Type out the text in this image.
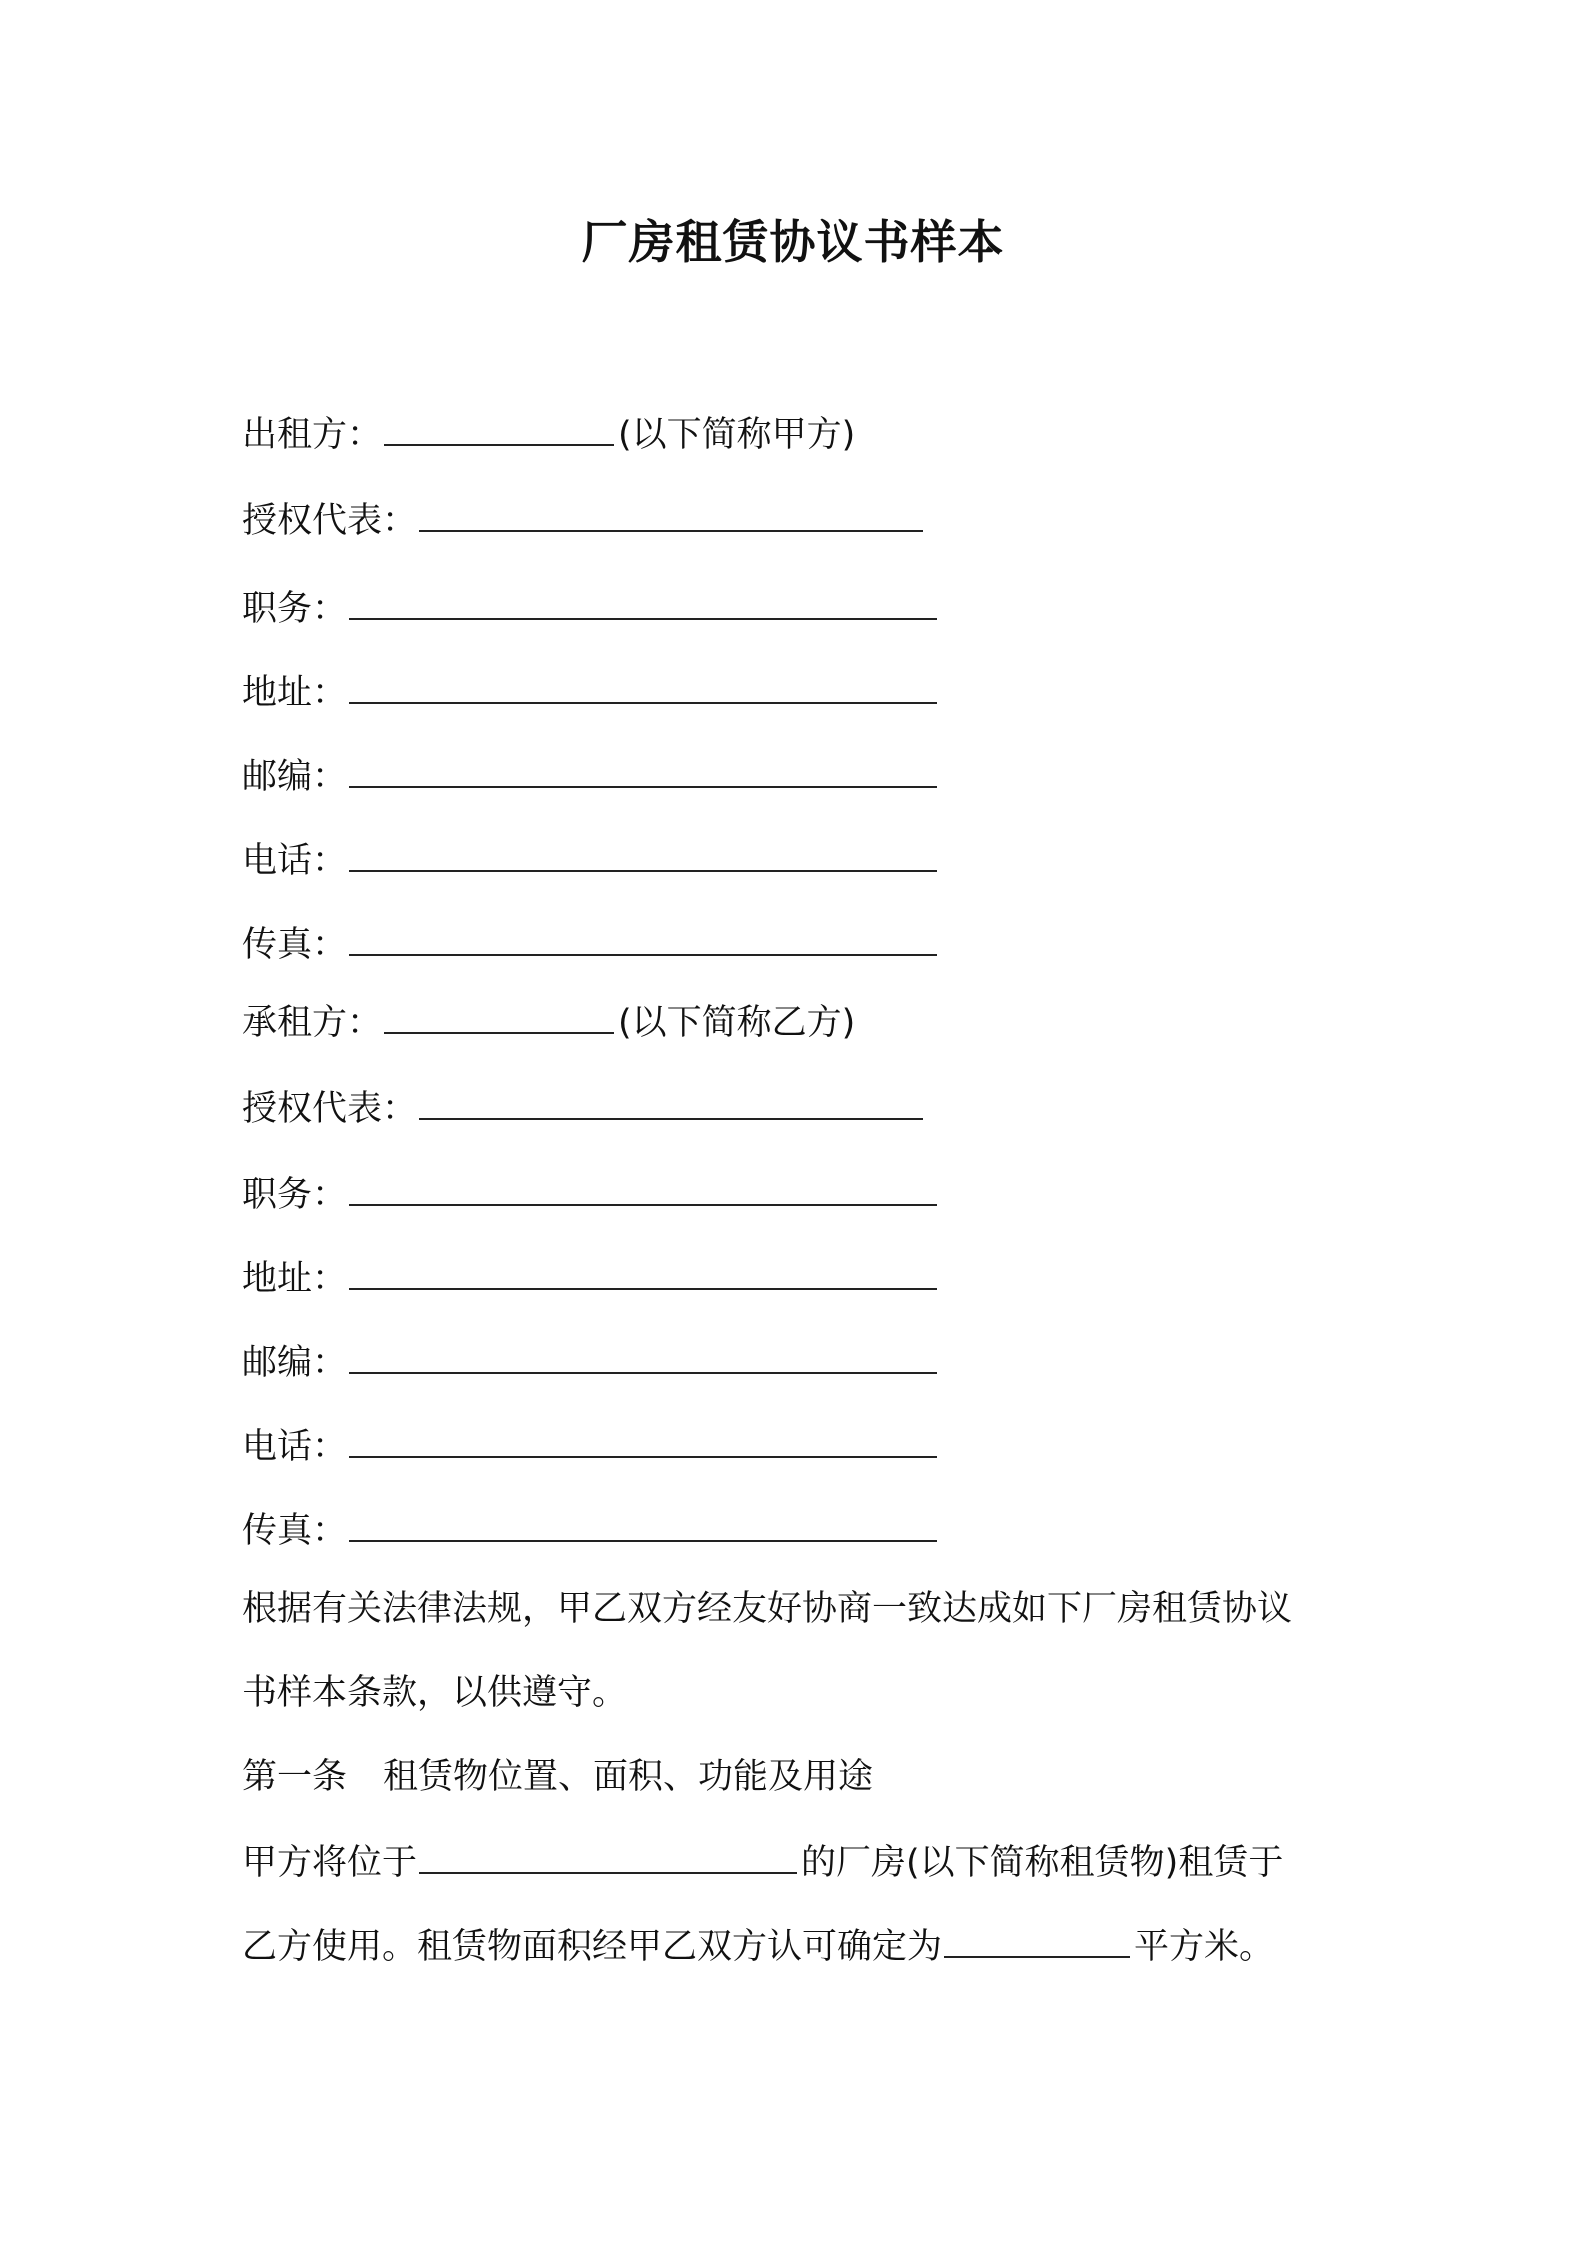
厂房租赁协议书样本
出租方：	(以下简称甲方)
授权代表：
职务：
地址：
邮编：
电话：
传真：
承租方：	(以下简称乙方)
授权代表：
职务：
地址：
邮编：
电话：
传真：
根据有关法律法规，甲乙双方经友好协商一致达成如下厂房租赁协议
书样本条款，以供遵守。
第一条 租赁物位置、面积、功能及用途
甲方将位于	的厂房(以下简称租赁物)租赁于
乙方使用。租赁物面积经甲乙双方认可确定为	平方米。
